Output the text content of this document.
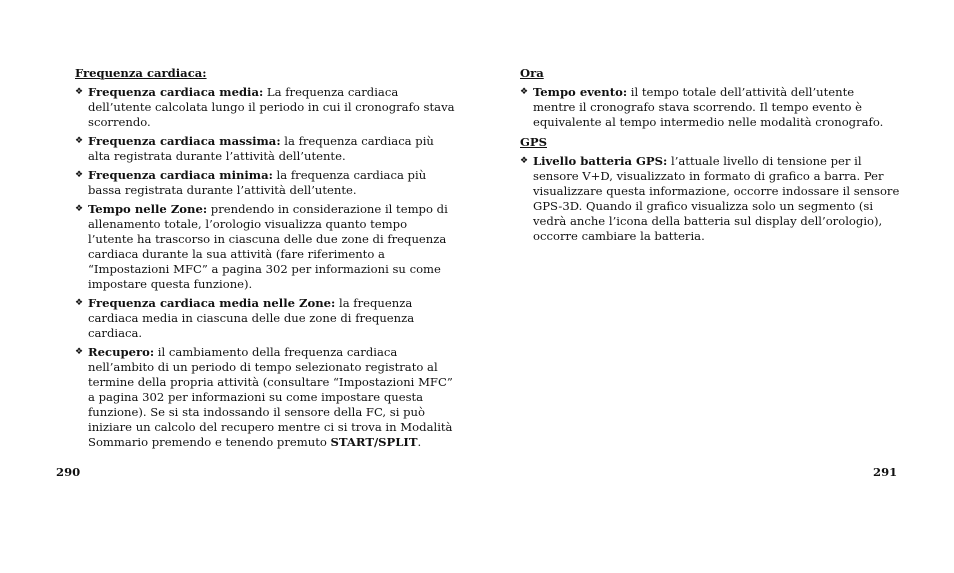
Frequenza cardiaca:
❖ Frequenza cardiaca media: La frequenza cardiaca dell’utente calcolata lungo il periodo in cui il cronografo stava scorrendo.
❖ Frequenza cardiaca massima: la frequenza cardiaca più alta registrata durante l’attività dell’utente.
❖ Frequenza cardiaca minima: la frequenza cardiaca più bassa registrata durante l’attività dell’utente.
❖ Tempo nelle Zone: prendendo in considerazione il tempo di allenamento totale, l’orologio visualizza quanto tempo l’utente ha trascorso in ciascuna delle due zone di frequenza cardiaca durante la sua attività (fare riferimento a “Impostazioni MFC” a pagina 302 per informazioni su come impostare questa funzione).
❖ Frequenza cardiaca media nelle Zone: la frequenza cardiaca media in ciascuna delle due zone di frequenza cardiaca.
❖ Recupero: il cambiamento della frequenza cardiaca nell’ambito di un periodo di tempo selezionato registrato al termine della propria attività (consultare “Impostazioni MFC” a pagina 302 per informazioni su come impostare questa funzione). Se si sta indossando il sensore della FC, si può iniziare un calcolo del recupero mentre ci si trova in Modalità Sommario premendo e tenendo premuto START/SPLIT.
Ora
❖ Tempo evento: il tempo totale dell’attività dell’utente mentre il cronografo stava scorrendo. Il tempo evento è equivalente al tempo intermedio nelle modalità cronografo.
GPS
❖ Livello batteria GPS: l’attuale livello di tensione per il sensore V+D, visualizzato in formato di grafico a barra. Per visualizzare questa informazione, occorre indossare il sensore GPS-3D. Quando il grafico visualizza solo un segmento (si vedrà anche l’icona della batteria sul display dell’orologio), occorre cambiare la batteria.
290	291
